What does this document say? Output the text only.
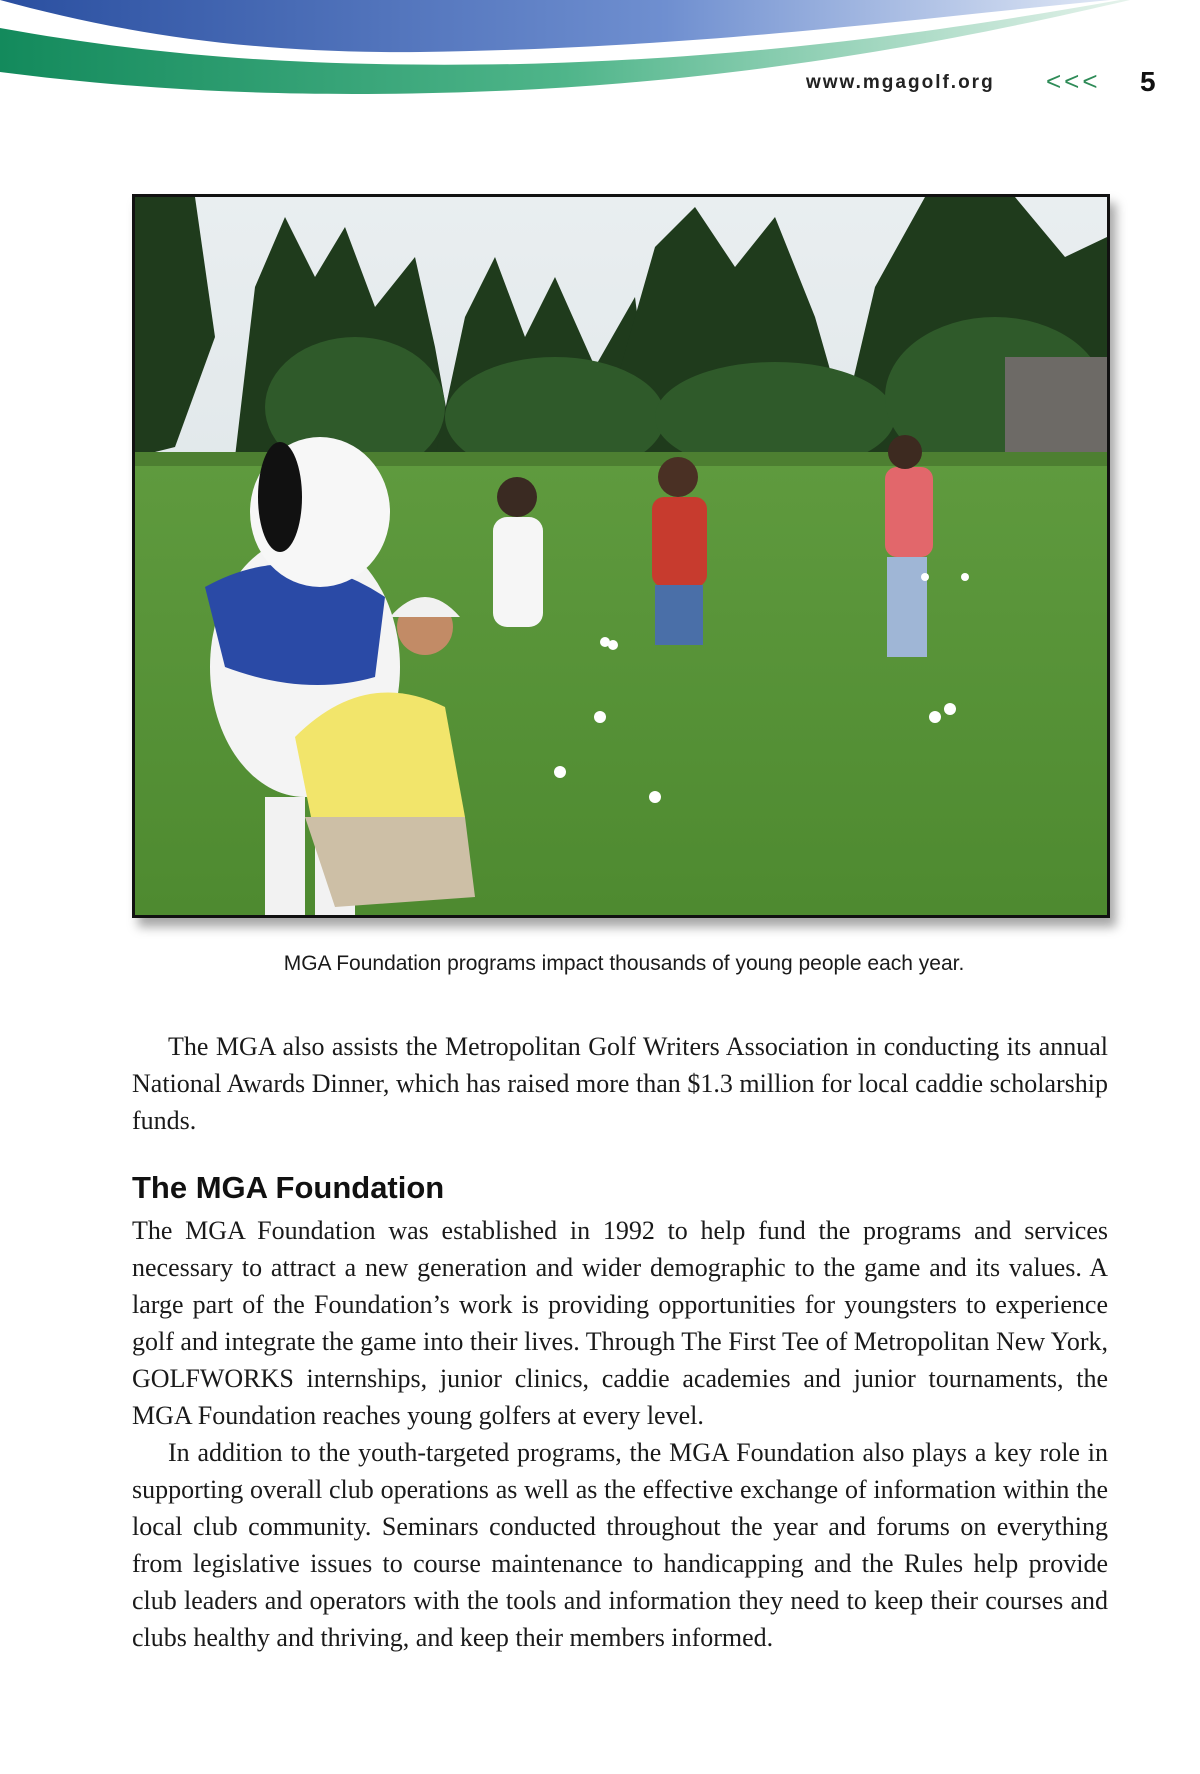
www.mgagolf.org <<< 5
MGA Foundation programs impact thousands of young people each year.

The MGA also assists the Metropolitan Golf Writers Association in conducting its annual National Awards Dinner, which has raised more than $1.3 million for local caddie scholarship funds.

The MGA Foundation

The MGA Foundation was established in 1992 to help fund the programs and services necessary to attract a new generation and wider demographic to the game and its values. A large part of the Foundation’s work is providing opportunities for youngsters to experience golf and integrate the game into their lives. Through The First Tee of Metropolitan New York, GOLFWORKS internships, junior clinics, caddie academies and junior tournaments, the MGA Foundation reaches young golfers at every level.

In addition to the youth-targeted programs, the MGA Foundation also plays a key role in supporting overall club operations as well as the effective exchange of information within the local club community. Seminars conducted throughout the year and forums on everything from legislative issues to course maintenance to handicapping and the Rules help provide club leaders and operators with the tools and information they need to keep their courses and clubs healthy and thriving, and keep their members informed.
